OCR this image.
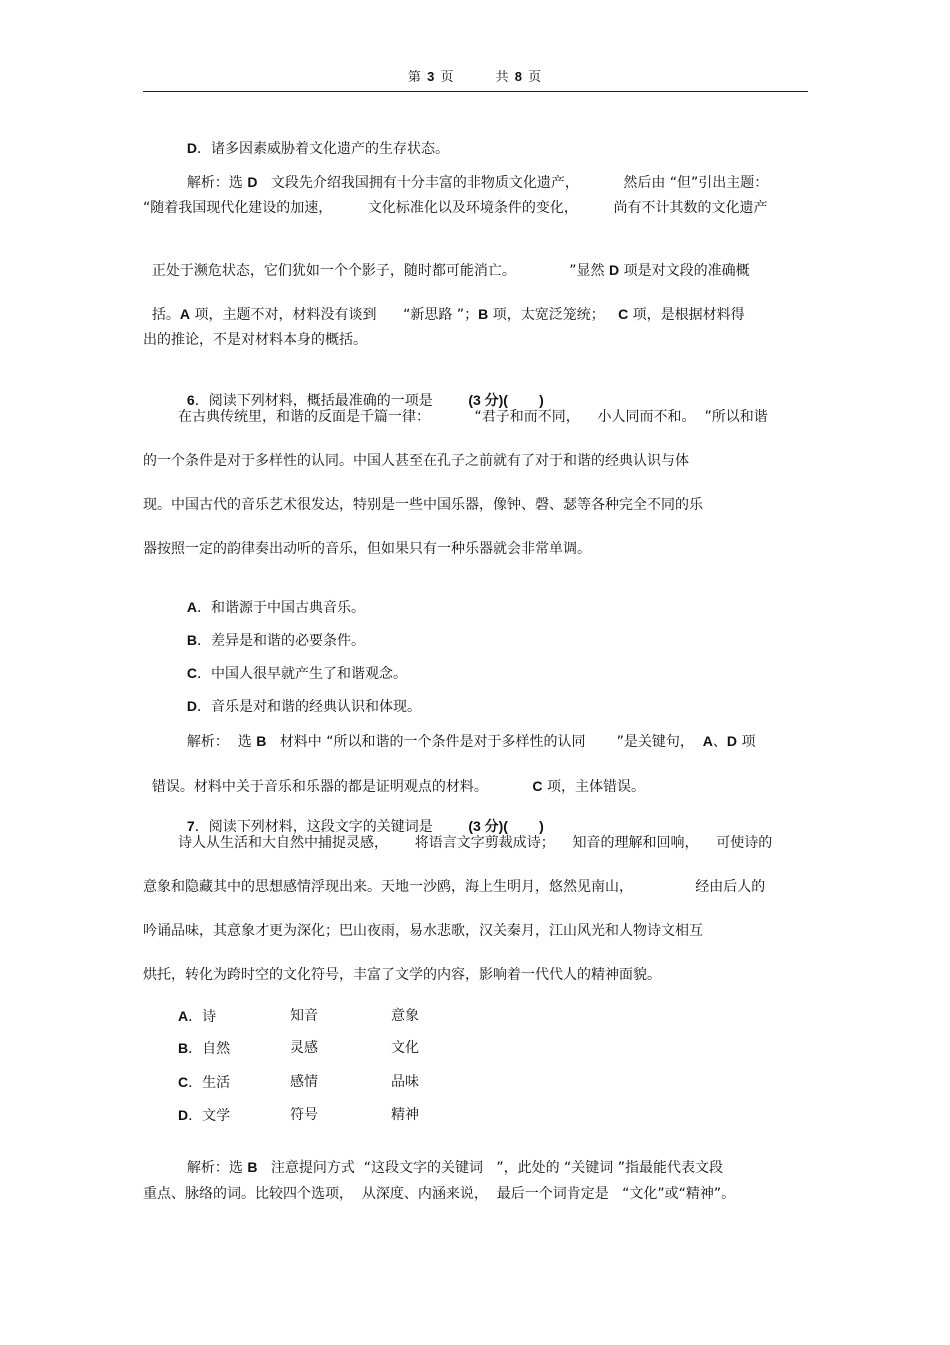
第 3 页	共 8 页

D．诸多因素威胁着文化遗产的生存状态。

解析：选 D   文段先介绍我国拥有十分丰富的非物质文化遗产，          然后由 “但”引出主题：

“随着我国现代化建设的加速，        文化标准化以及环境条件的变化，        尚有不计其数的文化遗产

正处于濒危状态，它们犹如一个个影子，随时都可能消亡。            ”显然 D 项是对文段的准确概

括。A 项，主题不对，材料没有谈到      “新思路 ”；B 项，太宽泛笼统；   C 项，是根据材料得

出的推论，不是对材料本身的概括。

6．阅读下列材料，概括最准确的一项是	(3 分)(        )

在古典传统里，和谐的反面是千篇一律：          “君子和而不同，    小人同而不和。  ”所以和谐
的一个条件是对于多样性的认同。中国人甚至在孔子之前就有了对于和谐的经典认识与体
现。中国古代的音乐艺术很发达，特别是一些中国乐器，像钟、磬、瑟等各种完全不同的乐
器按照一定的韵律奏出动听的音乐，但如果只有一种乐器就会非常单调。

A．和谐源于中国古典音乐。

B．差异是和谐的必要条件。

C．中国人很早就产生了和谐观念。

D．音乐是对和谐的经典认识和体现。

解析：  选 B   材料中 “所以和谐的一个条件是对于多样性的认同       ”是关键句，  A、D 项

错误。材料中关于音乐和乐器的都是证明观点的材料。          C 项，主体错误。

7．阅读下列材料，这段文字的关键词是	(3 分)(        )

诗人从生活和大自然中捕捉灵感，      将语言文字剪裁成诗；    知音的理解和回响，    可使诗的
意象和隐藏其中的思想感情浮现出来。天地一沙鸥，海上生明月，悠然见南山，              经由后人的
吟诵品味，其意象才更为深化；巴山夜雨，易水悲歌，汉关秦月，江山风光和人物诗文相互
烘托，转化为跨时空的文化符号，丰富了文学的内容，影响着一代代人的精神面貌。
A．诗	知音	意象
B．自然	灵感	文化
C．生活	感情	品味
D．文学	符号	精神

解析：选 B   注意提问方式  “这段文字的关键词   ”，此处的 “关键词 ”指最能代表文段

重点、脉络的词。比较四个选项，  从深度、内涵来说，  最后一个词肯定是   “文化”或“精神”。
